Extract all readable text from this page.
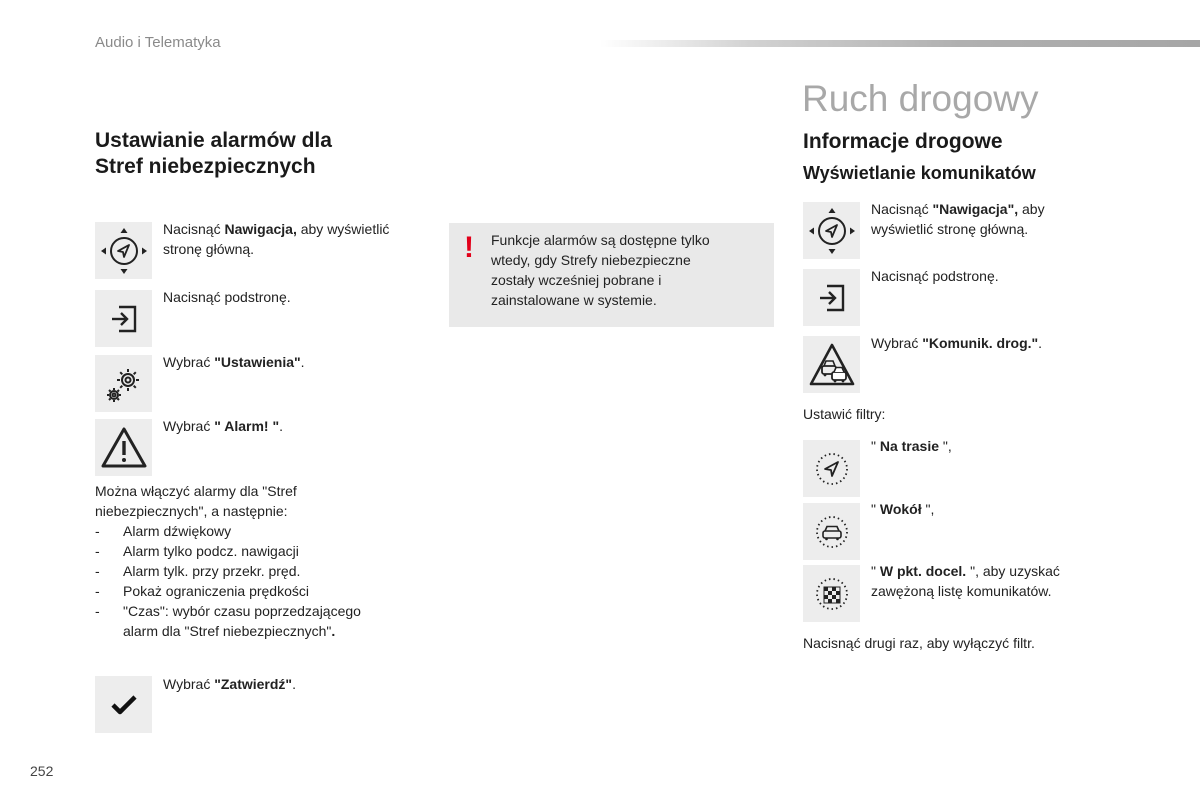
Audio i Telematyka
Ruch drogowy
Ustawianie alarmów dla
Stref niebezpiecznych
Nacisnąć Nawigacja, aby wyświetlić stronę główną.
Nacisnąć podstronę.
Wybrać "Ustawienia".
Wybrać " Alarm! ".
Można włączyć alarmy dla "Stref
niebezpiecznych", a następnie:
- Alarm dźwiękowy
- Alarm tylko podcz. nawigacji
- Alarm tylk. przy przekr. pręd.
- Pokaż ograniczenia prędkości
- "Czas": wybór czasu poprzedzającego
alarm dla "Stref niebezpiecznych".
Wybrać "Zatwierdź".
! Funkcje alarmów są dostępne tylko
wtedy, gdy Strefy niebezpieczne
zostały wcześniej pobrane i
zainstalowane w systemie.
Informacje drogowe
Wyświetlanie komunikatów
Nacisnąć "Nawigacja", aby
wyświetlić stronę główną.
Nacisnąć podstronę.
Wybrać "Komunik. drog.".
Ustawić filtry:
" Na trasie ",
" Wokół ",
" W pkt. docel. ", aby uzyskać
zawężoną listę komunikatów.
Nacisnąć drugi raz, aby wyłączyć filtr.
252
